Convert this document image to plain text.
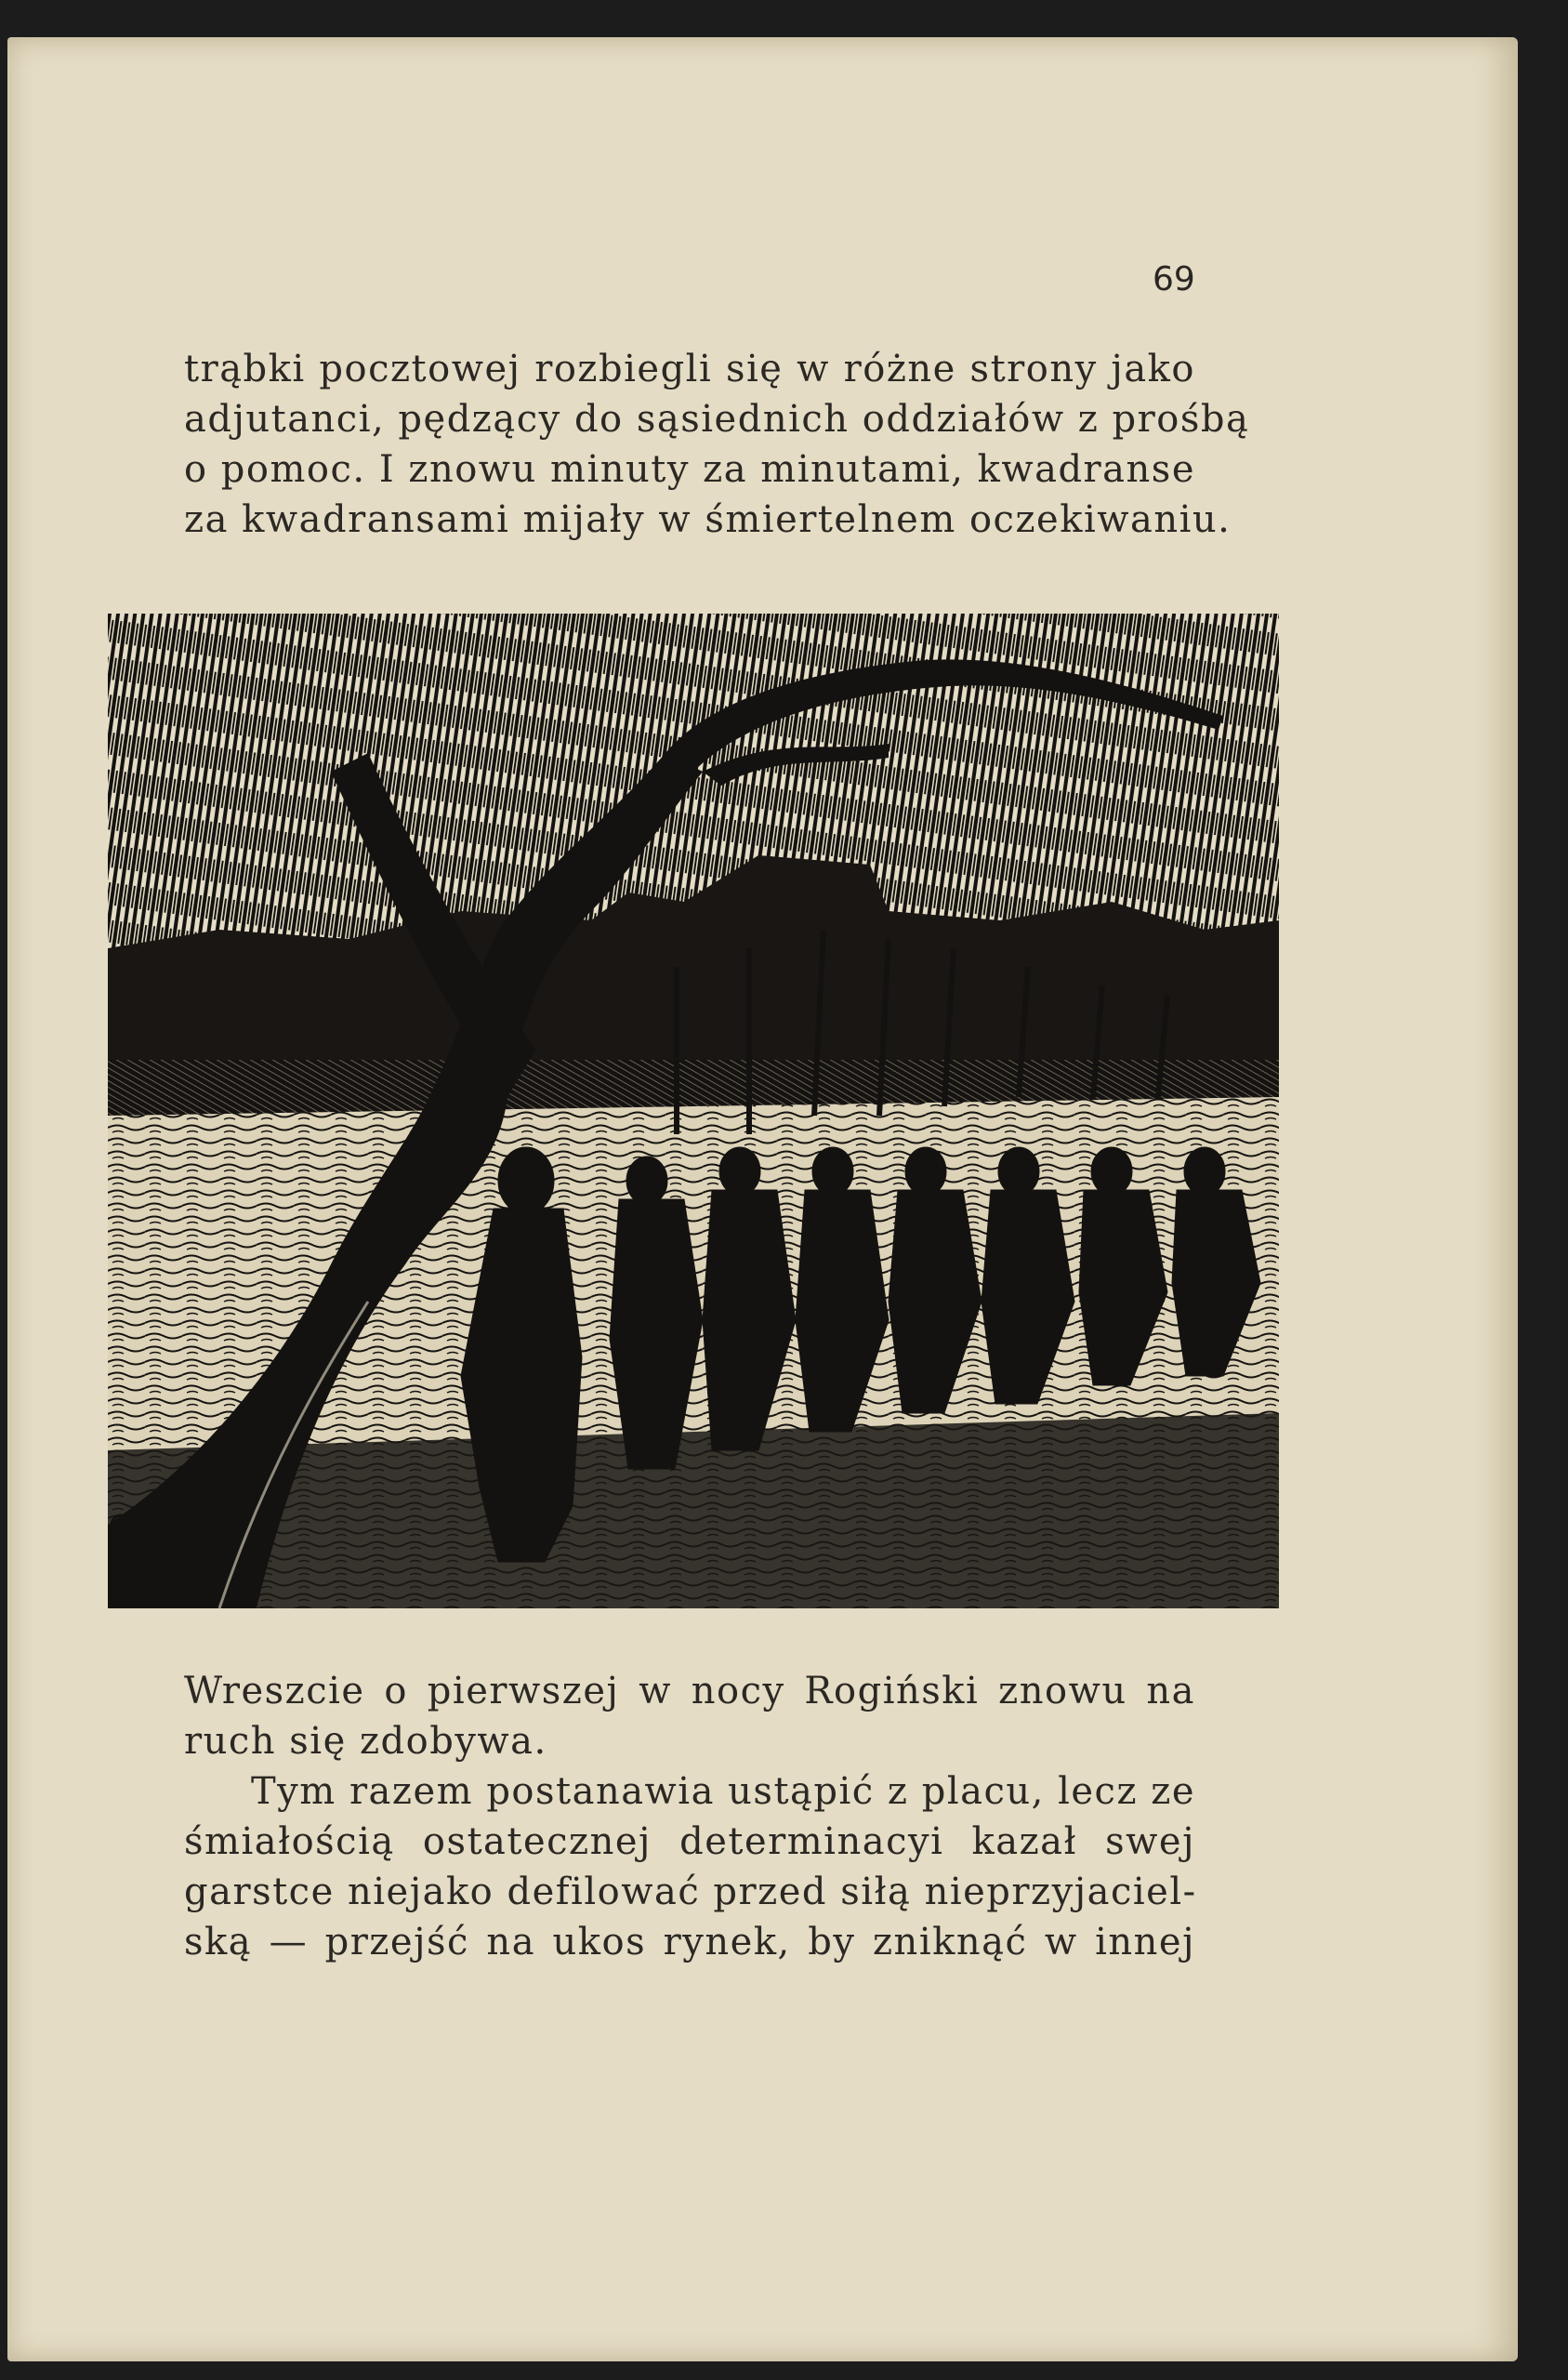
69
trąbki pocztowej rozbiegli się w różne strony jako
adjutanci, pędzący do sąsiednich oddziałów z prośbą
o pomoc. I znowu minuty za minutami, kwadranse
za kwadransami mijały w śmiertelnem oczekiwaniu.
Wreszcie o pierwszej w nocy Rogiński znowu na
ruch się zdobywa.
Tym razem postanawia ustąpić z placu, lecz ze
śmiałością ostatecznej determinacyi kazał swej
garstce niejako defilować przed siłą nieprzyjaciel-
ską — przejść na ukos rynek, by zniknąć w innej
